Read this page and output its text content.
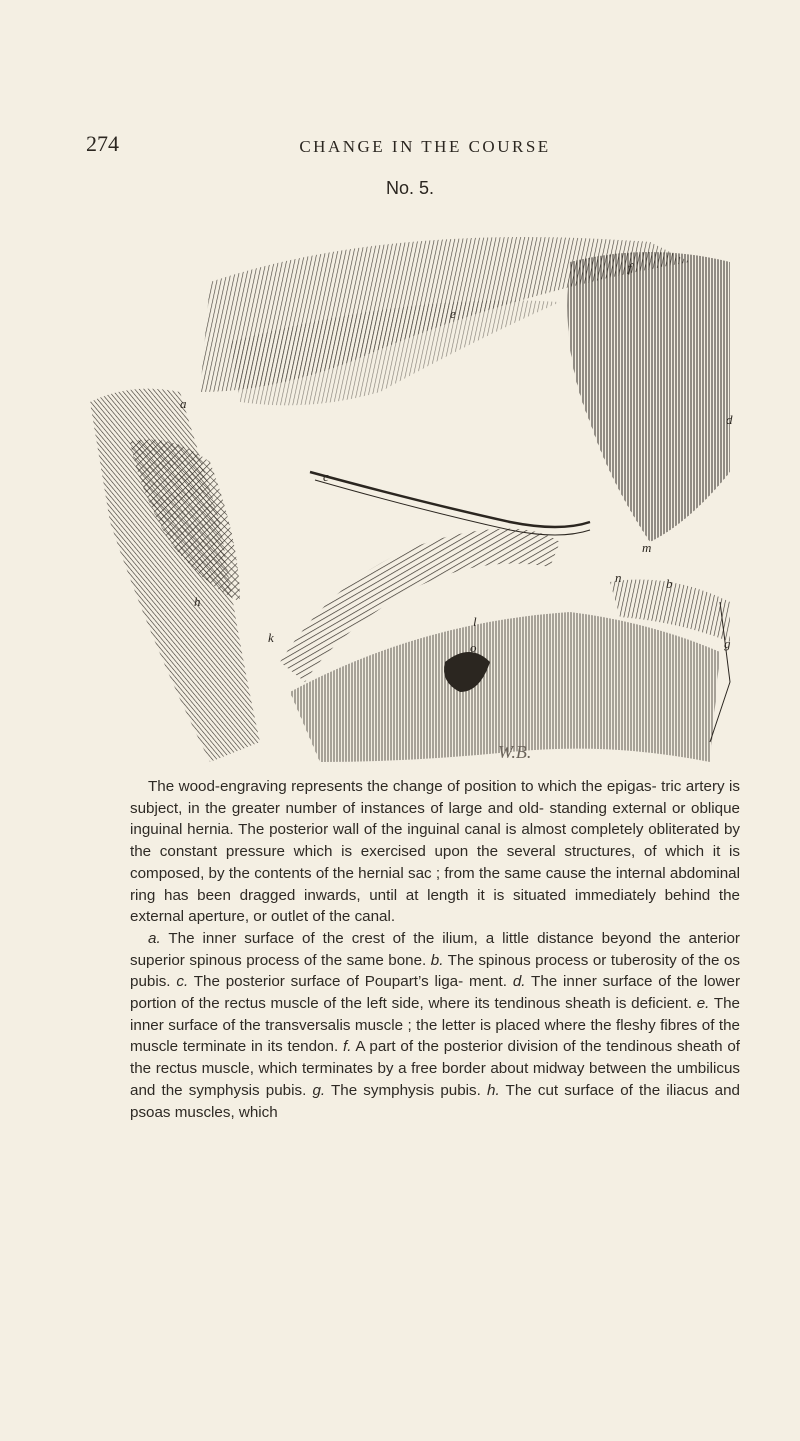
274	CHANGE IN THE COURSE
No. 5.
a
b
c
d
e
f
g
h
k
l
m
n
o
W.B.

The wood-engraving represents the change of position to which the epigas- tric artery is subject, in the greater number of instances of large and old- standing external or oblique inguinal hernia. The posterior wall of the inguinal canal is almost completely obliterated by the constant pressure which is exercised upon the several structures, of which it is composed, by the contents of the hernial sac ; from the same cause the internal abdominal ring has been dragged inwards, until at length it is situated immediately behind the external aperture, or outlet of the canal.

a. The inner surface of the crest of the ilium, a little distance beyond the anterior superior spinous process of the same bone. b. The spinous process or tuberosity of the os pubis. c. The posterior surface of Poupart’s liga- ment. d. The inner surface of the lower portion of the rectus muscle of the left side, where its tendinous sheath is deficient. e. The inner surface of the transversalis muscle ; the letter is placed where the fleshy fibres of the muscle terminate in its tendon. f. A part of the posterior division of the tendinous sheath of the rectus muscle, which terminates by a free border about midway between the umbilicus and the symphysis pubis. g. The symphysis pubis. h. The cut surface of the iliacus and psoas muscles, which
